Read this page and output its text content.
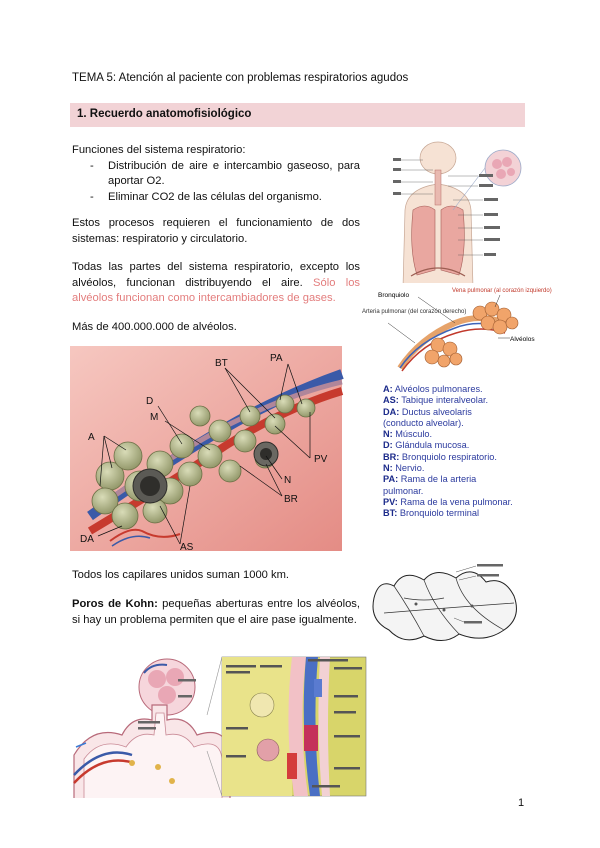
TEMA 5: Atención al paciente con problemas respiratorios agudos
1. Recuerdo anatomofisiológico
Funciones del sistema respiratorio:
- Distribución de aire e intercambio gaseoso, para aportar O2.
- Eliminar CO2 de las células del organismo.
Estos procesos requieren el funcionamiento de dos sistemas: respiratorio y circulatorio.
Todas las partes del sistema respiratorio, excepto los alvéolos, funcionan distribuyendo el aire. Sólo los alvéolos funcionan como intercambiadores de gases.
Más de 400.000.000 de alvéolos.
Todos los capilares unidos suman 1000 km.
Poros de Kohn: pequeñas aberturas entre los alvéolos, si hay un problema permiten que el aire pase igualmente.
Bronquiolo
Vena pulmonar (al corazón izquierdo)
Arteria pulmonar (del corazón derecho)
Alvéolos
BT	PA
D
M
A
PV
N
BR
DA
AS
A: Alvéolos pulmonares.
AS: Tabique interalveolar.
DA: Ductus alveolaris (conducto alveolar).
N: Músculo.
D: Glándula mucosa.
BR: Bronquiolo respiratorio.
N: Nervio.
PA: Rama de la arteria pulmonar.
PV: Rama de la vena pulmonar.
BT: Bronquiolo terminal
1
